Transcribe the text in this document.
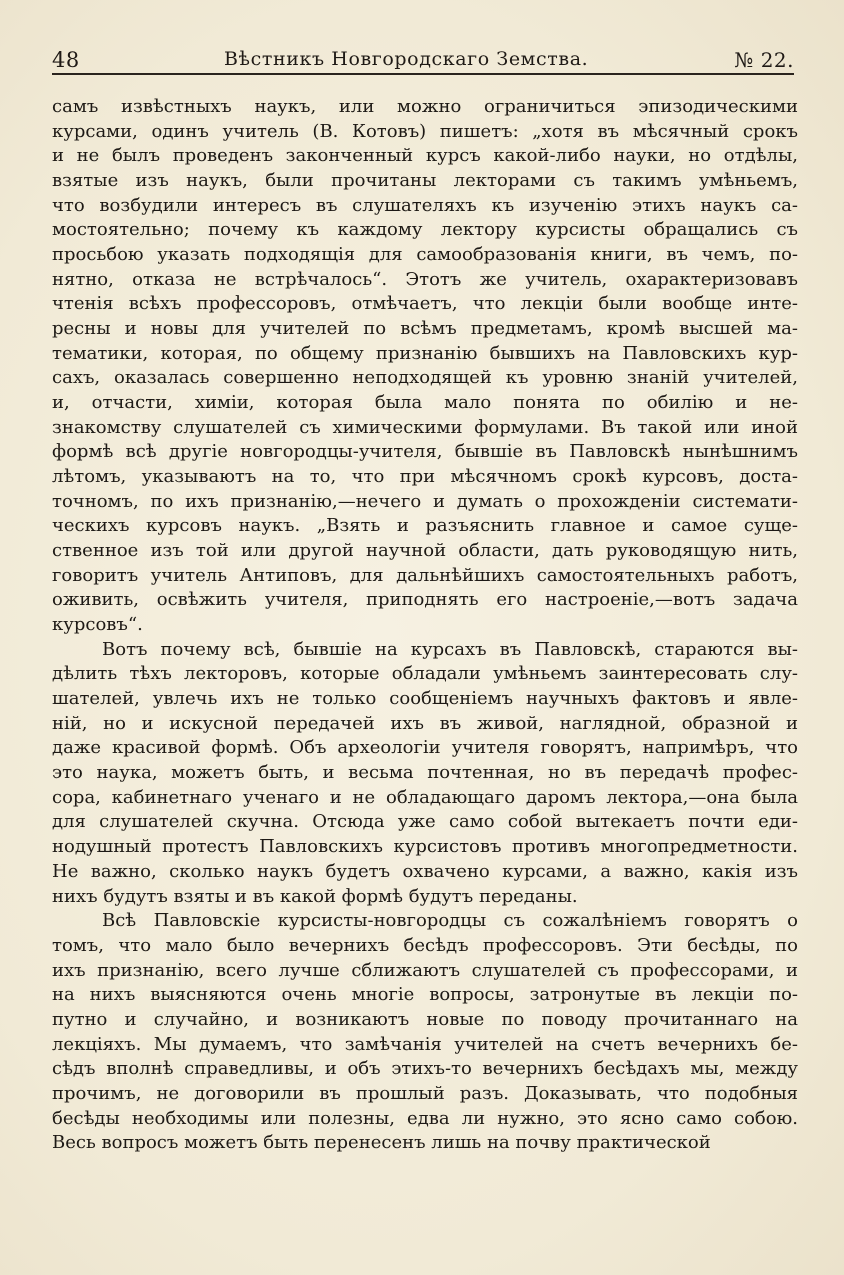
48	Вѣстникъ Новгородскаго Земства.	№ 22.
самъ извѣстныхъ наукъ, или можно ограничиться эпизодическими
курсами, одинъ учитель (В. Котовъ) пишетъ: „хотя въ мѣсячный срокъ
и не былъ проведенъ законченный курсъ какой-либо науки, но отдѣлы,
взятые изъ наукъ, были прочитаны лекторами съ такимъ умѣньемъ,
что возбудили интересъ въ слушателяхъ къ изученію этихъ наукъ са-
мостоятельно; почему къ каждому лектору курсисты обращались съ
просьбою указать подходящія для самообразованія книги, въ чемъ, по-
нятно, отказа не встрѣчалось“. Этотъ же учитель, охарактеризовавъ
чтенія всѣхъ профессоровъ, отмѣчаетъ, что лекціи были вообще инте-
ресны и новы для учителей по всѣмъ предметамъ, кромѣ высшей ма-
тематики, которая, по общему признанію бывшихъ на Павловскихъ кур-
сахъ, оказалась совершенно неподходящей къ уровню знаній учителей,
и, отчасти, химіи, которая была мало понята по обилію и не-
знакомству слушателей съ химическими формулами. Въ такой или иной
формѣ всѣ другіе новгородцы-учителя, бывшіе въ Павловскѣ нынѣшнимъ
лѣтомъ, указываютъ на то, что при мѣсячномъ срокѣ курсовъ, доста-
точномъ, по ихъ признанію,—нечего и думать о прохожденіи системати-
ческихъ курсовъ наукъ. „Взять и разъяснить главное и самое суще-
ственное изъ той или другой научной области, дать руководящую нить,
говоритъ учитель Антиповъ, для дальнѣйшихъ самостоятельныхъ работъ,
оживить, освѣжить учителя, приподнять его настроеніе,—вотъ задача
курсовъ“.
Вотъ почему всѣ, бывшіе на курсахъ въ Павловскѣ, стараются вы-
дѣлить тѣхъ лекторовъ, которые обладали умѣньемъ заинтересовать слу-
шателей, увлечь ихъ не только сообщеніемъ научныхъ фактовъ и явле-
ній, но и искусной передачей ихъ въ живой, наглядной, образной и
даже красивой формѣ. Объ археологіи учителя говорятъ, напримѣръ, что
это наука, можетъ быть, и весьма почтенная, но въ передачѣ профес-
сора, кабинетнаго ученаго и не обладающаго даромъ лектора,—она была
для слушателей скучна. Отсюда уже само собой вытекаетъ почти еди-
нодушный протестъ Павловскихъ курсистовъ противъ многопредметности.
Не важно, сколько наукъ будетъ охвачено курсами, а важно, какія изъ
нихъ будутъ взяты и въ какой формѣ будутъ переданы.
Всѣ Павловскіе курсисты-новгородцы съ сожалѣніемъ говорятъ о
томъ, что мало было вечернихъ бесѣдъ профессоровъ. Эти бесѣды, по
ихъ признанію, всего лучше сближаютъ слушателей съ профессорами, и
на нихъ выясняются очень многіе вопросы, затронутые въ лекціи по-
путно и случайно, и возникаютъ новые по поводу прочитаннаго на
лекціяхъ. Мы думаемъ, что замѣчанія учителей на счетъ вечернихъ бе-
сѣдъ вполнѣ справедливы, и объ этихъ-то вечернихъ бесѣдахъ мы, между
прочимъ, не договорили въ прошлый разъ. Доказывать, что подобныя
бесѣды необходимы или полезны, едва ли нужно, это ясно само собою.
Весь вопросъ можетъ быть перенесенъ лишь на почву практической
